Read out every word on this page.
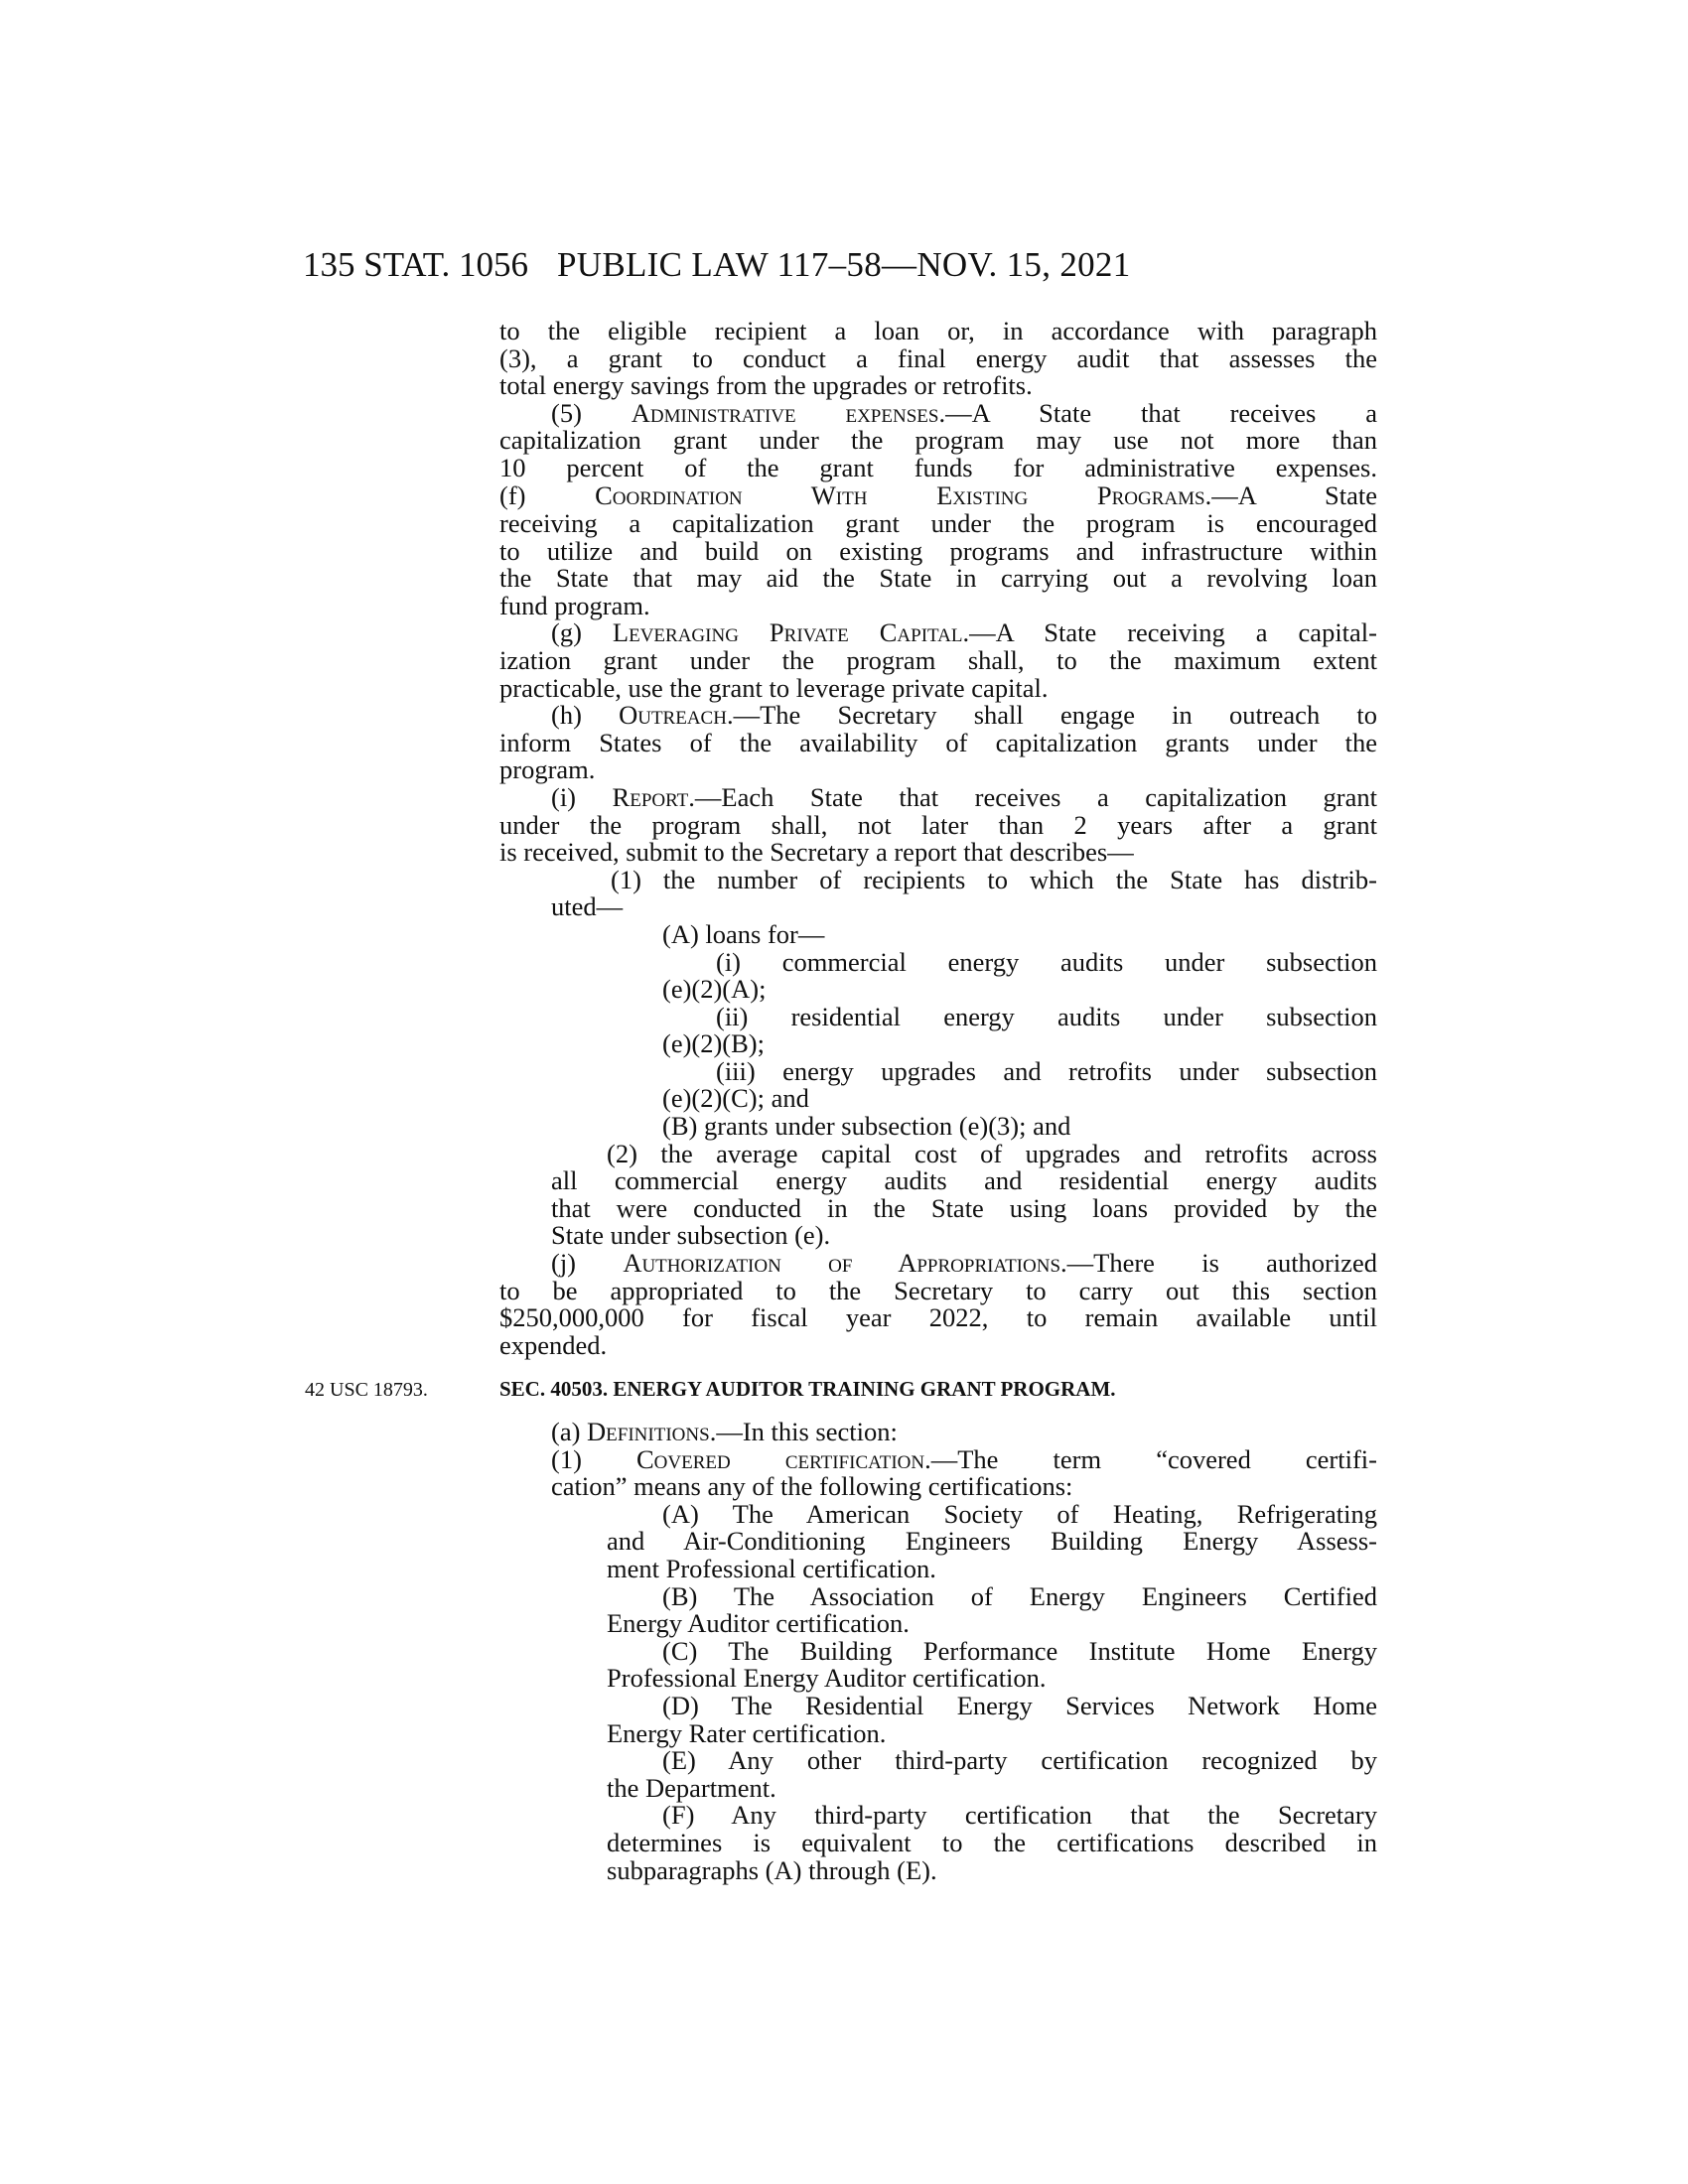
135 STAT. 1056 PUBLIC LAW 117–58—NOV. 15, 2021
42 USC 18793.
to the eligible recipient a loan or, in accordance with paragraph
(3), a grant to conduct a final energy audit that assesses the
total energy savings from the upgrades or retrofits.
(5) Administrative expenses.—A State that receives a
capitalization grant under the program may use not more than
10 percent of the grant funds for administrative expenses.
(f) Coordination With Existing Programs.—A State
receiving a capitalization grant under the program is encouraged
to utilize and build on existing programs and infrastructure within
the State that may aid the State in carrying out a revolving loan
fund program.
(g) Leveraging Private Capital.—A State receiving a capital-
ization grant under the program shall, to the maximum extent
practicable, use the grant to leverage private capital.
(h) Outreach.—The Secretary shall engage in outreach to
inform States of the availability of capitalization grants under the
program.
(i) Report.—Each State that receives a capitalization grant
under the program shall, not later than 2 years after a grant
is received, submit to the Secretary a report that describes—
(1) the number of recipients to which the State has distrib-
uted—
(A) loans for—
(i) commercial energy audits under subsection
(e)(2)(A);
(ii) residential energy audits under subsection
(e)(2)(B);
(iii) energy upgrades and retrofits under subsection
(e)(2)(C); and
(B) grants under subsection (e)(3); and
(2) the average capital cost of upgrades and retrofits across
all commercial energy audits and residential energy audits
that were conducted in the State using loans provided by the
State under subsection (e).
(j) Authorization of Appropriations.—There is authorized
to be appropriated to the Secretary to carry out this section
$250,000,000 for fiscal year 2022, to remain available until
expended.
SEC. 40503. ENERGY AUDITOR TRAINING GRANT PROGRAM.
(a) Definitions.—In this section:
(1) Covered certification.—The term “covered certifi-
cation” means any of the following certifications:
(A) The American Society of Heating, Refrigerating
and Air-Conditioning Engineers Building Energy Assess-
ment Professional certification.
(B) The Association of Energy Engineers Certified
Energy Auditor certification.
(C) The Building Performance Institute Home Energy
Professional Energy Auditor certification.
(D) The Residential Energy Services Network Home
Energy Rater certification.
(E) Any other third-party certification recognized by
the Department.
(F) Any third-party certification that the Secretary
determines is equivalent to the certifications described in
subparagraphs (A) through (E).
